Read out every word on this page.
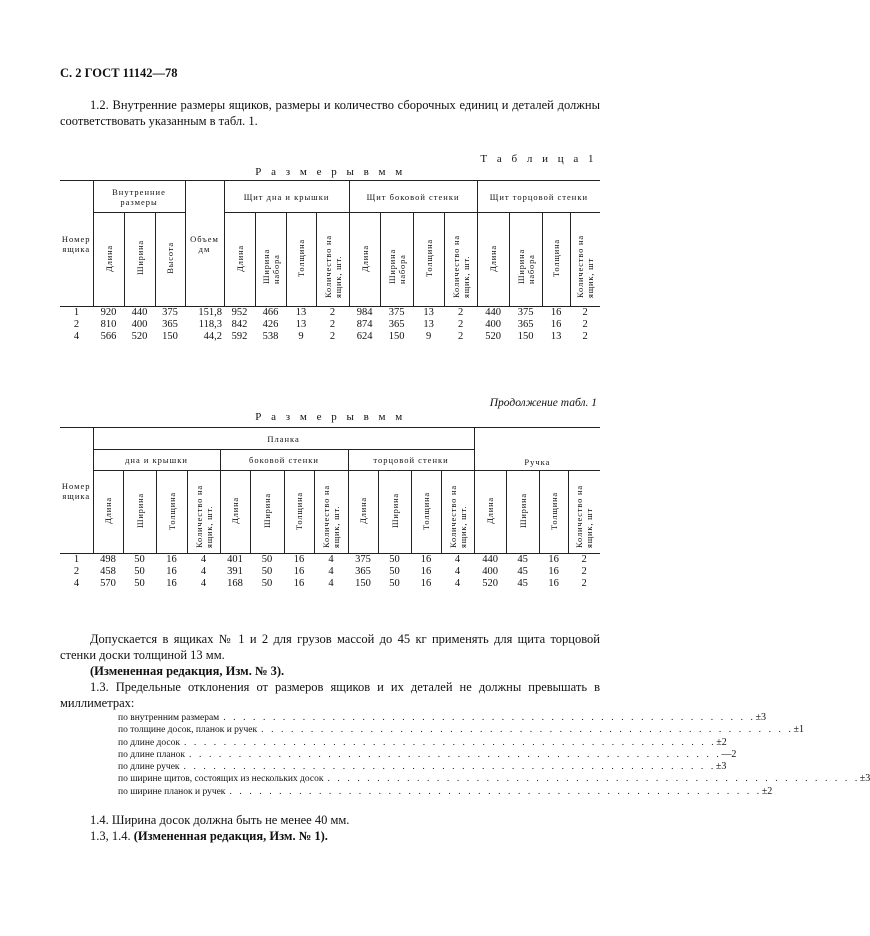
С. 2 ГОСТ 11142—78
1.2. Внутренние размеры ящиков, размеры и количество сборочных единиц и деталей должны соответствовать указанным в табл. 1.
Т а б л и ц а 1
Р а з м е р ы в м м
Номер ящика	Внутренние размеры			Объем дм	Щит дна и крышки				Щит боковой стенки				Щит торцовой стенки			
	Длина	Ширина	Высота		Длина	Ширина набора	Толщина	Количество на ящик, шт.	Длина	Ширина набора	Толщина	Количество на ящик, шт.	Длина	Ширина набора	Толщина	Количество на ящик, шт
1	920	440	375	151,8	952	466	13	2	984	375	13	2	440	375	16	2
2	810	400	365	118,3	842	426	13	2	874	365	13	2	400	365	16	2
4	566	520	150	44,2	592	538	9	2	624	150	9	2	520	150	13	2
Продолжение табл. 1
Р а з м е р ы в м м
Номер ящика	Планка												Ручка			
	дна и крышки				боковой стенки				торцовой стенки							
	Длина	Ширина	Толщина	Количество на ящик, шт.	Длина	Ширина	Толщина	Количество на ящик, шт.	Длина	Ширина	Толщина	Количество на ящик, шт.	Длина	Ширина	Толщина	Количество на ящик, шт
1	498	50	16	4	401	50	16	4	375	50	16	4	440	45	16	2
2	458	50	16	4	391	50	16	4	365	50	16	4	400	45	16	2
4	570	50	16	4	168	50	16	4	150	50	16	4	520	45	16	2
Допускается в ящиках № 1 и 2 для грузов массой до 45 кг применять для щита торцовой стенки доски толщиной 13 мм.
(Измененная редакция, Изм. № 3).
1.3. Предельные отклонения от размеров ящиков и их деталей не должны превышать в миллиметрах:
по внутренним размерам . . . . . . . . . . . . . . . . . . . . . . . . . . . . . . . . . . . . . . . . . . . . . . . . . . . . . . ±3
по толщине досок, планок и ручек . . . . . . . . . . . . . . . . . . . . . . . . . . . . . . . . . . . . . . . . . . . . . . . . . . . . . . ±1
по длине досок . . . . . . . . . . . . . . . . . . . . . . . . . . . . . . . . . . . . . . . . . . . . . . . . . . . . . . ±2
по длине планок . . . . . . . . . . . . . . . . . . . . . . . . . . . . . . . . . . . . . . . . . . . . . . . . . . . . . . —2
по длине ручек . . . . . . . . . . . . . . . . . . . . . . . . . . . . . . . . . . . . . . . . . . . . . . . . . . . . . . ±3
по ширине щитов, состоящих из нескольких досок . . . . . . . . . . . . . . . . . . . . . . . . . . . . . . . . . . . . . . . . . . . . . . . . . . . . . . ±3
по ширине планок и ручек . . . . . . . . . . . . . . . . . . . . . . . . . . . . . . . . . . . . . . . . . . . . . . . . . . . . . . ±2
1.4. Ширина досок должна быть не менее 40 мм.
1.3, 1.4. (Измененная редакция, Изм. № 1).
